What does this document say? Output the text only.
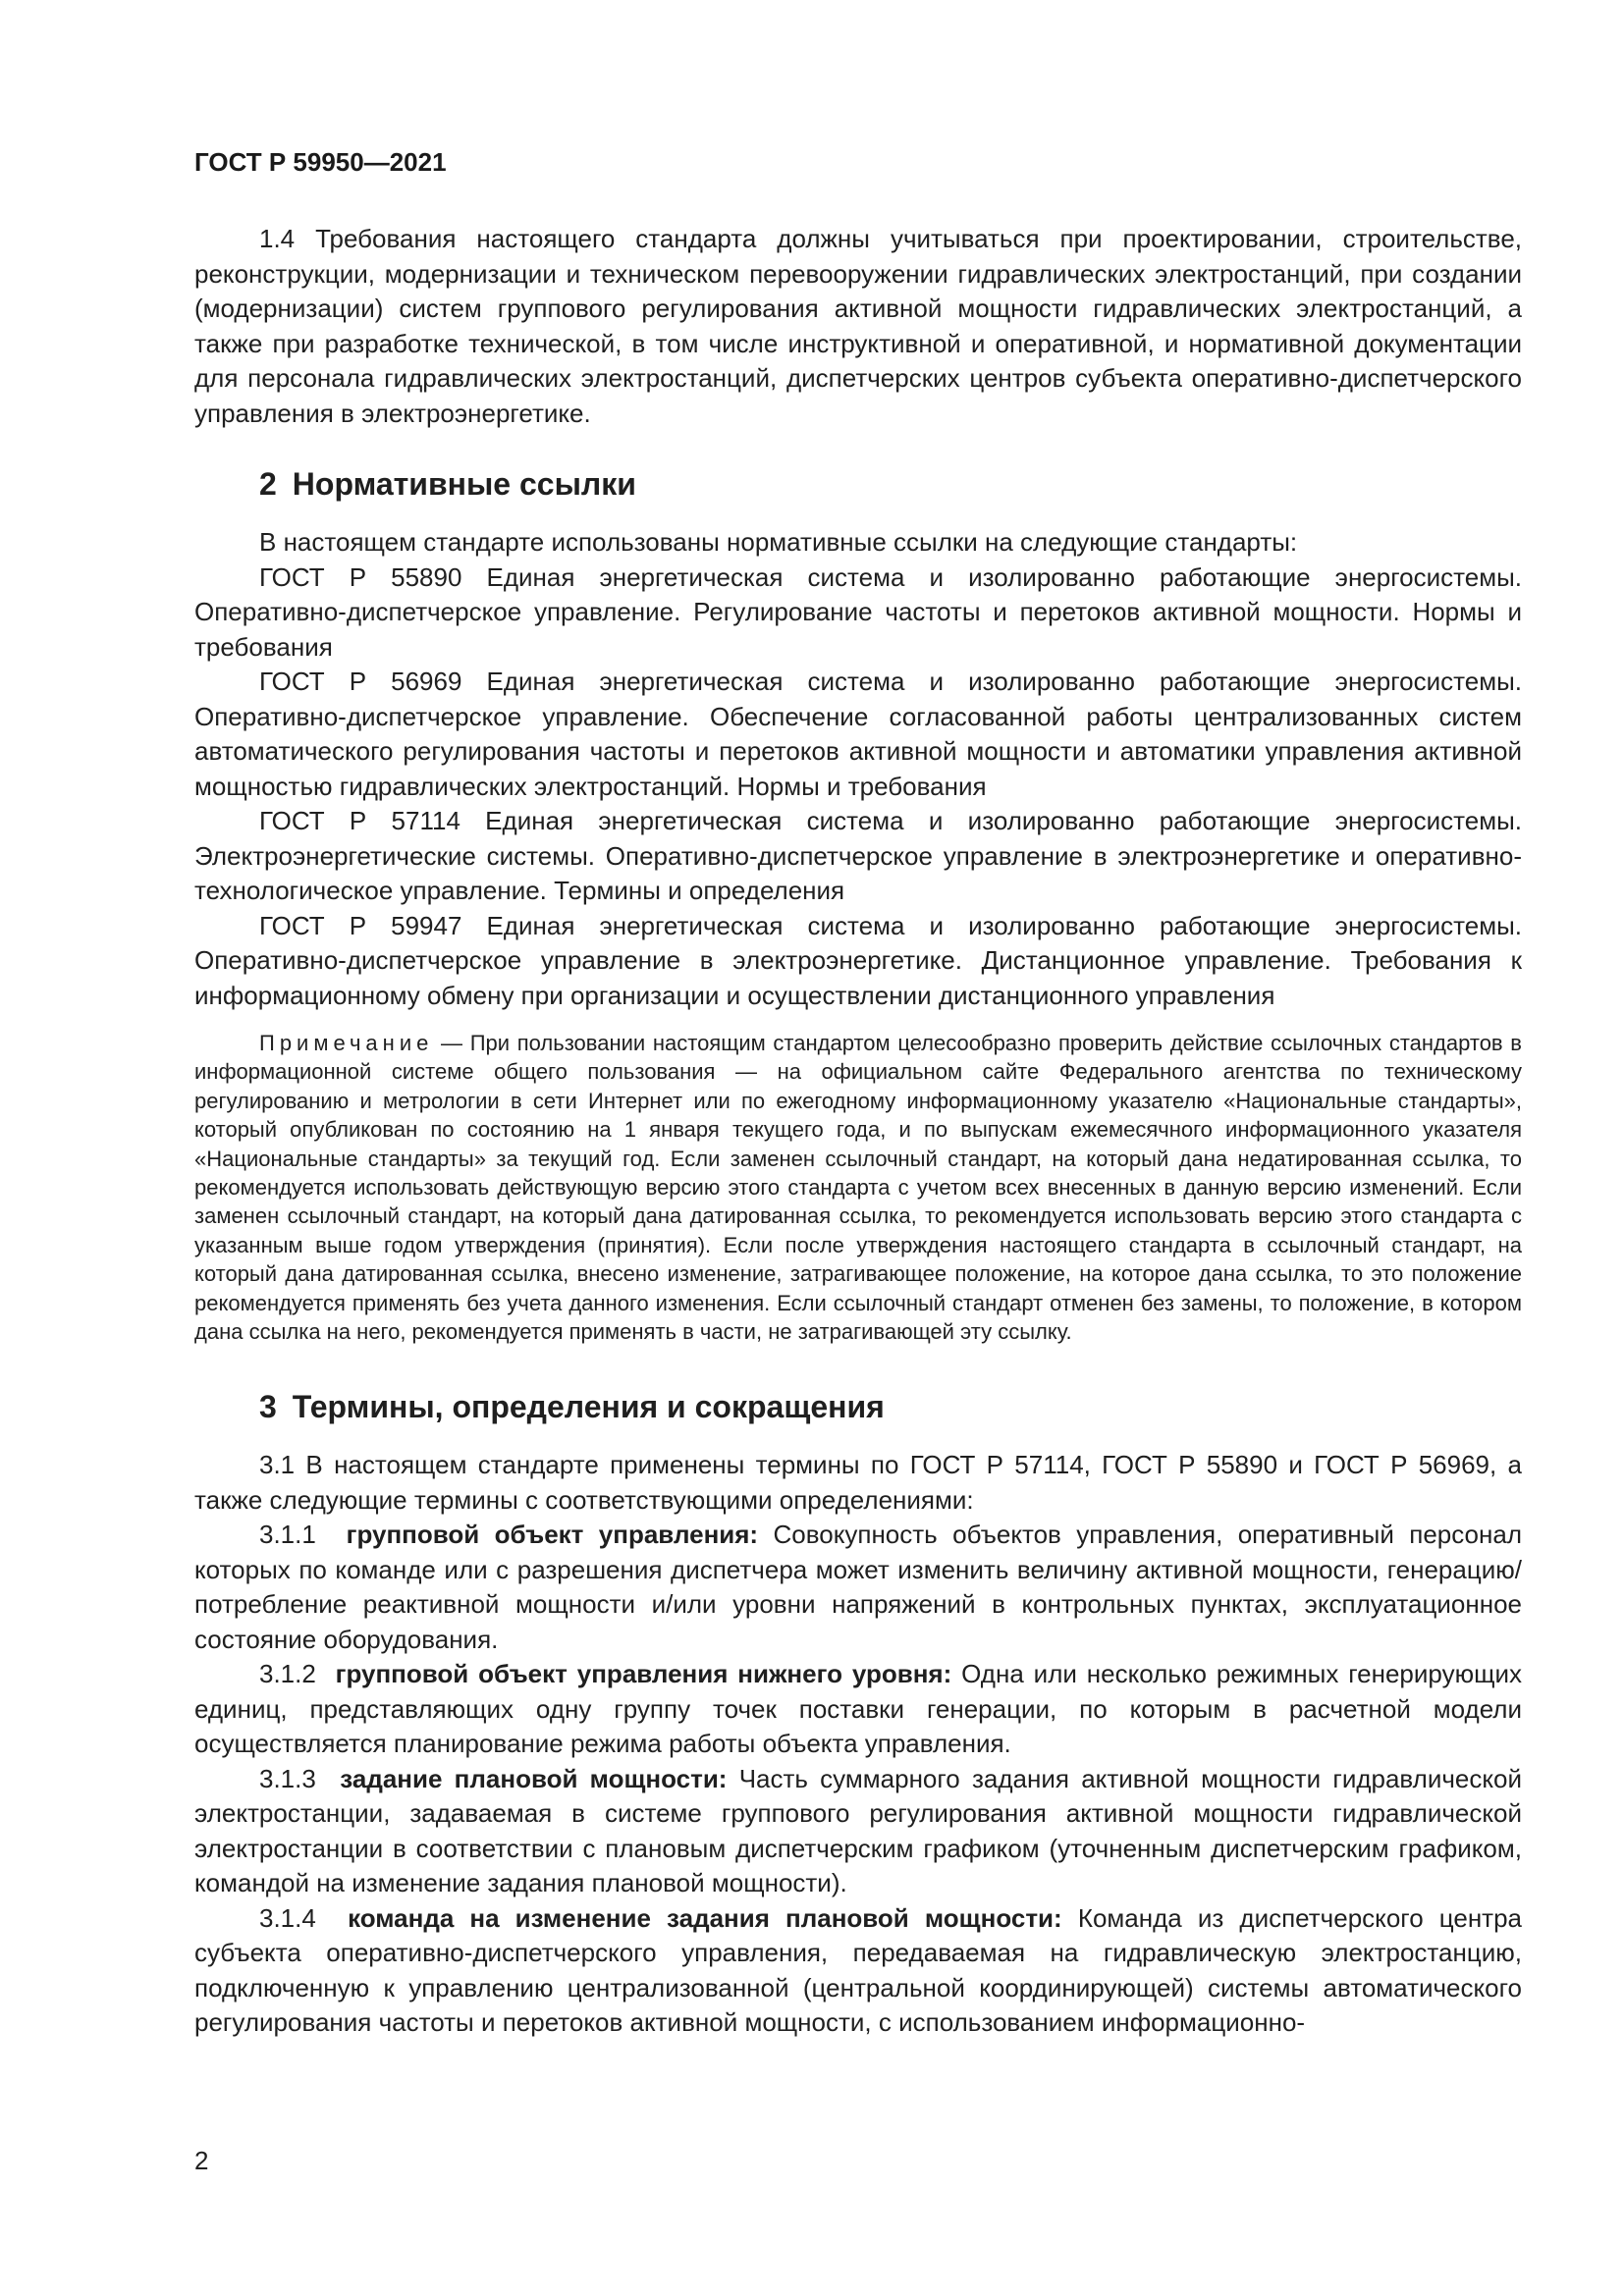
ГОСТ Р 59950—2021

1.4 Требования настоящего стандарта должны учитываться при проектировании, строительстве, реконструкции, модернизации и техническом перевооружении гидравлических электростанций, при создании (модернизации) систем группового регулирования активной мощности гидравлических электростанций, а также при разработке технической, в том числе инструктивной и оперативной, и нормативной документации для персонала гидравлических электростанций, диспетчерских центров субъекта оперативно-диспетчерского управления в электроэнергетике.

2 Нормативные ссылки

В настоящем стандарте использованы нормативные ссылки на следующие стандарты:

ГОСТ Р 55890 Единая энергетическая система и изолированно работающие энергосистемы. Оперативно-диспетчерское управление. Регулирование частоты и перетоков активной мощности. Нормы и требования

ГОСТ Р 56969 Единая энергетическая система и изолированно работающие энергосистемы. Оперативно-диспетчерское управление. Обеспечение согласованной работы централизованных систем автоматического регулирования частоты и перетоков активной мощности и автоматики управления активной мощностью гидравлических электростанций. Нормы и требования

ГОСТ Р 57114 Единая энергетическая система и изолированно работающие энергосистемы. Электроэнергетические системы. Оперативно-диспетчерское управление в электроэнергетике и оперативно-технологическое управление. Термины и определения

ГОСТ Р 59947 Единая энергетическая система и изолированно работающие энергосистемы. Оперативно-диспетчерское управление в электроэнергетике. Дистанционное управление. Требования к информационному обмену при организации и осуществлении дистанционного управления

Примечание — При пользовании настоящим стандартом целесообразно проверить действие ссылочных стандартов в информационной системе общего пользования — на официальном сайте Федерального агентства по техническому регулированию и метрологии в сети Интернет или по ежегодному информационному указателю «Национальные стандарты», который опубликован по состоянию на 1 января текущего года, и по выпускам ежемесячного информационного указателя «Национальные стандарты» за текущий год. Если заменен ссылочный стандарт, на который дана недатированная ссылка, то рекомендуется использовать действующую версию этого стандарта с учетом всех внесенных в данную версию изменений. Если заменен ссылочный стандарт, на который дана датированная ссылка, то рекомендуется использовать версию этого стандарта с указанным выше годом утверждения (принятия). Если после утверждения настоящего стандарта в ссылочный стандарт, на который дана датированная ссылка, внесено изменение, затрагивающее положение, на которое дана ссылка, то это положение рекомендуется применять без учета данного изменения. Если ссылочный стандарт отменен без замены, то положение, в котором дана ссылка на него, рекомендуется применять в части, не затрагивающей эту ссылку.

3 Термины, определения и сокращения

3.1 В настоящем стандарте применены термины по ГОСТ Р 57114, ГОСТ Р 55890 и ГОСТ Р 56969, а также следующие термины с соответствующими определениями:

3.1.1 групповой объект управления: Совокупность объектов управления, оперативный персонал которых по команде или с разрешения диспетчера может изменить величину активной мощности, генерацию/потребление реактивной мощности и/или уровни напряжений в контрольных пунктах, эксплуатационное состояние оборудования.

3.1.2 групповой объект управления нижнего уровня: Одна или несколько режимных генерирующих единиц, представляющих одну группу точек поставки генерации, по которым в расчетной модели осуществляется планирование режима работы объекта управления.

3.1.3 задание плановой мощности: Часть суммарного задания активной мощности гидравлической электростанции, задаваемая в системе группового регулирования активной мощности гидравлической электростанции в соответствии с плановым диспетчерским графиком (уточненным диспетчерским графиком, командой на изменение задания плановой мощности).

3.1.4 команда на изменение задания плановой мощности: Команда из диспетчерского центра субъекта оперативно-диспетчерского управления, передаваемая на гидравлическую электростанцию, подключенную к управлению централизованной (центральной координирующей) системы автоматического регулирования частоты и перетоков активной мощности, с использованием информационно-

2
